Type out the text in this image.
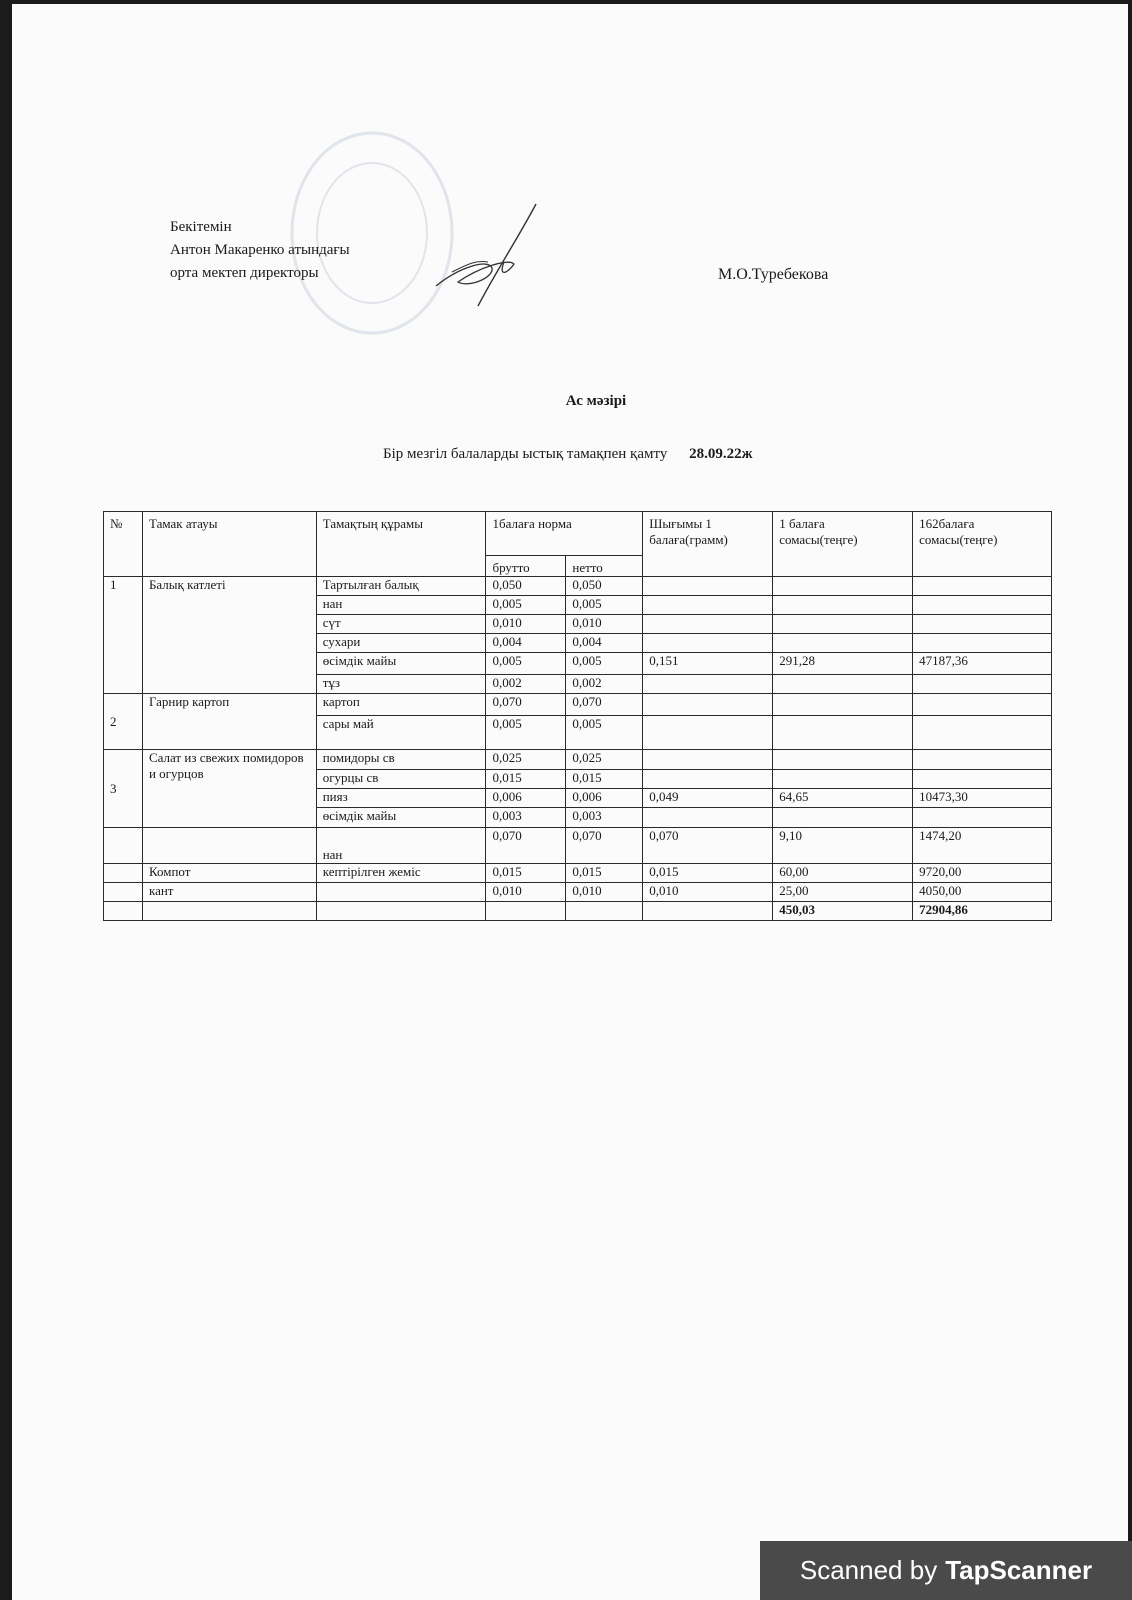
Бекітемін
Антон Макаренко атындағы
орта мектеп директоры	М.О.Туребекова
Ас мәзірі
Бір мезгіл балаларды ыстық тамақпен қамту 28.09.22ж
№	Тамак атауы	Тамақтың құрамы	1балаға норма		Шығымы 1 балаға(грамм)	1 балаға сомасы(теңге)	162балаға сомасы(теңге)
			брутто	нетто			
1	Балық катлеті	Тартылған балық	0,050	0,050			
		нан	0,005	0,005			
		сүт	0,010	0,010			
		сухари	0,004	0,004			
		өсімдік майы	0,005	0,005	0,151	291,28	47187,36
		тұз	0,002	0,002			
2	Гарнир картоп	картоп	0,070	0,070			
		сары май	0,005	0,005			
3	Салат из свежих помидоров и огурцов	помидоры св	0,025	0,025			
		огурцы св	0,015	0,015			
		пияз	0,006	0,006	0,049	64,65	10473,30
		өсімдік майы	0,003	0,003			
		нан	0,070	0,070	0,070	9,10	1474,20
	Компот	кептірілген жеміс	0,015	0,015	0,015	60,00	9720,00
	кант		0,010	0,010	0,010	25,00	4050,00
						450,03	72904,86
Scanned by TapScanner
